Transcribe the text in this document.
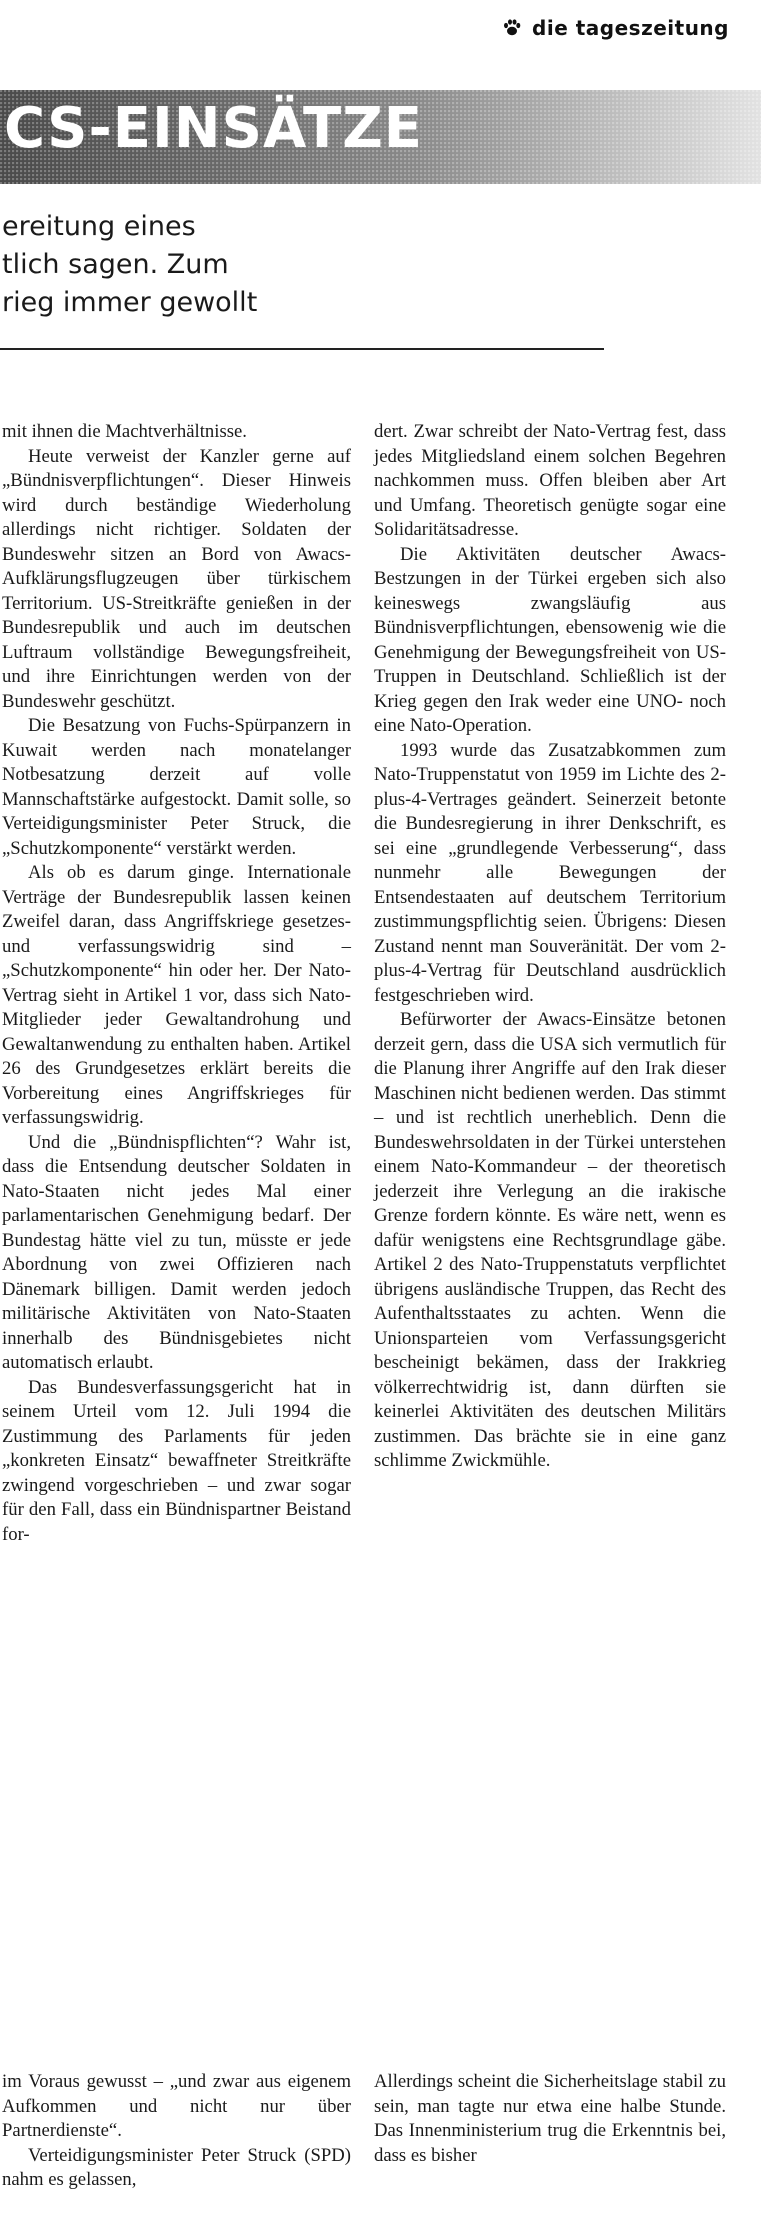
die tageszeitung
CS-EINSÄTZE
ereitung eines
tlich sagen. Zum
rieg immer gewollt

mit ihnen die Machtverhältnisse.

Heute verweist der Kanzler gerne auf „Bündnisverpflichtungen“. Dieser Hinweis wird durch beständige Wiederholung allerdings nicht richtiger. Soldaten der Bundeswehr sitzen an Bord von Awacs-Aufklärungsflugzeugen über türkischem Territorium. US-Streitkräfte genießen in der Bundesrepublik und auch im deutschen Luftraum vollständige Bewegungsfreiheit, und ihre Einrichtungen werden von der Bundeswehr geschützt.

Die Besatzung von Fuchs-Spürpanzern in Kuwait werden nach monatelanger Notbesatzung derzeit auf volle Mannschaftstärke aufgestockt. Damit solle, so Verteidigungsminister Peter Struck, die „Schutzkomponente“ verstärkt werden.

Als ob es darum ginge. Internationale Verträge der Bundesrepublik lassen keinen Zweifel daran, dass Angriffskriege gesetzes- und verfassungswidrig sind – „Schutzkomponente“ hin oder her. Der Nato-Vertrag sieht in Artikel 1 vor, dass sich Nato-Mitglieder jeder Gewaltandrohung und Gewaltanwendung zu enthalten haben. Artikel 26 des Grundgesetzes erklärt bereits die Vorbereitung eines Angriffskrieges für verfassungswidrig.

Und die „Bündnispflichten“? Wahr ist, dass die Entsendung deutscher Soldaten in Nato-Staaten nicht jedes Mal einer parlamentarischen Genehmigung bedarf. Der Bundestag hätte viel zu tun, müsste er jede Abordnung von zwei Offizieren nach Dänemark billigen. Damit werden jedoch militärische Aktivitäten von Nato-Staaten innerhalb des Bündnisgebietes nicht automatisch erlaubt.

Das Bundesverfassungsgericht hat in seinem Urteil vom 12. Juli 1994 die Zustimmung des Parlaments für jeden „konkreten Einsatz“ bewaffneter Streitkräfte zwingend vorgeschrieben – und zwar sogar für den Fall, dass ein Bündnispartner Beistand for-

dert. Zwar schreibt der Nato-Vertrag fest, dass jedes Mitgliedsland einem solchen Begehren nachkommen muss. Offen bleiben aber Art und Umfang. Theoretisch genügte sogar eine Solidaritätsadresse.

Die Aktivitäten deutscher Awacs-Bestzungen in der Türkei ergeben sich also keineswegs zwangsläufig aus Bündnisverpflichtungen, ebensowenig wie die Genehmigung der Bewegungsfreiheit von US-Truppen in Deutschland. Schließlich ist der Krieg gegen den Irak weder eine UNO- noch eine Nato-Operation.

1993 wurde das Zusatzabkommen zum Nato-Truppenstatut von 1959 im Lichte des 2-plus-4-Vertrages geändert. Seinerzeit betonte die Bundesregierung in ihrer Denkschrift, es sei eine „grundlegende Verbesserung“, dass nunmehr alle Bewegungen der Entsendestaaten auf deutschem Territorium zustimmungspflichtig seien. Übrigens: Diesen Zustand nennt man Souveränität. Der vom 2-plus-4-Vertrag für Deutschland ausdrücklich festgeschrieben wird.

Befürworter der Awacs-Einsätze betonen derzeit gern, dass die USA sich vermutlich für die Planung ihrer Angriffe auf den Irak dieser Maschinen nicht bedienen werden. Das stimmt – und ist rechtlich unerheblich. Denn die Bundeswehrsoldaten in der Türkei unterstehen einem Nato-Kommandeur – der theoretisch jederzeit ihre Verlegung an die irakische Grenze fordern könnte. Es wäre nett, wenn es dafür wenigstens eine Rechtsgrundlage gäbe. Artikel 2 des Nato-Truppenstatuts verpflichtet übrigens ausländische Truppen, das Recht des Aufenthaltsstaates zu achten. Wenn die Unionsparteien vom Verfassungsgericht bescheinigt bekämen, dass der Irakkrieg völkerrechtwidrig ist, dann dürften sie keinerlei Aktivitäten des deutschen Militärs zustimmen. Das brächte sie in eine ganz schlimme Zwickmühle.

im Voraus gewusst – „und zwar aus eigenem Aufkommen und nicht nur über Partnerdienste“.

Verteidigungsminister Peter Struck (SPD) nahm es gelassen,

Allerdings scheint die Sicherheitslage stabil zu sein, man tagte nur etwa eine halbe Stunde. Das Innenministerium trug die Erkenntnis bei, dass es bisher
